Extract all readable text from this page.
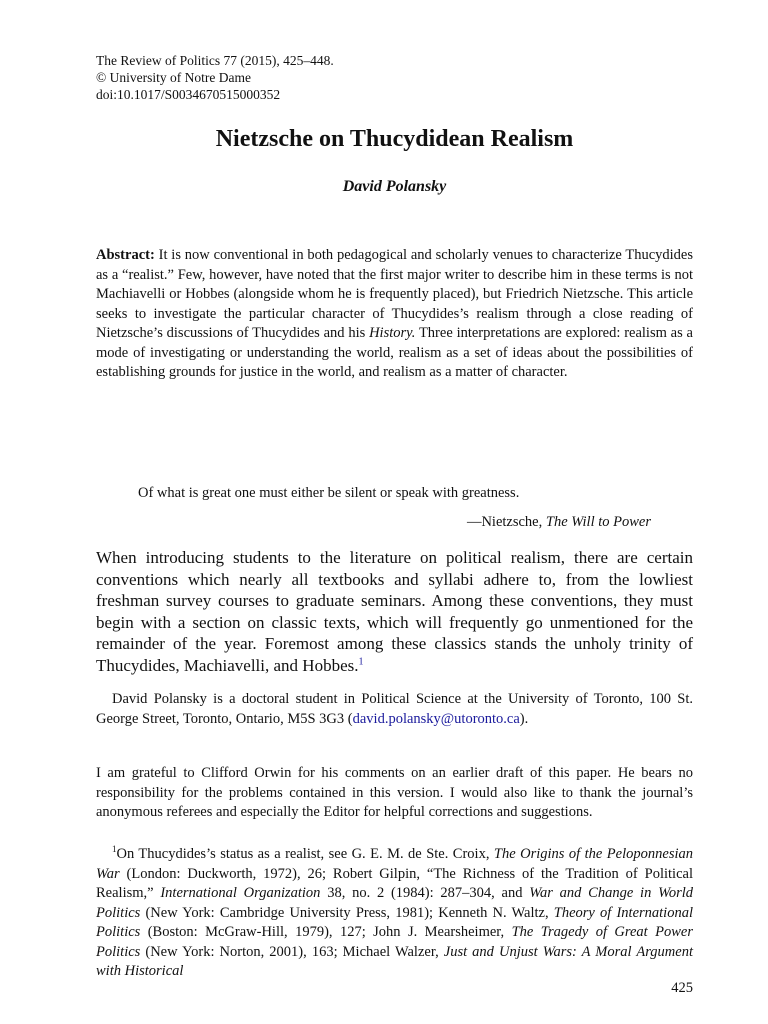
The Review of Politics 77 (2015), 425–448.
© University of Notre Dame
doi:10.1017/S0034670515000352
Nietzsche on Thucydidean Realism
David Polansky
Abstract: It is now conventional in both pedagogical and scholarly venues to characterize Thucydides as a “realist.” Few, however, have noted that the first major writer to describe him in these terms is not Machiavelli or Hobbes (alongside whom he is frequently placed), but Friedrich Nietzsche. This article seeks to investigate the particular character of Thucydides’s realism through a close reading of Nietzsche’s discussions of Thucydides and his History. Three interpretations are explored: realism as a mode of investigating or understanding the world, realism as a set of ideas about the possibilities of establishing grounds for justice in the world, and realism as a matter of character.
Of what is great one must either be silent or speak with greatness.
—Nietzsche, The Will to Power
When introducing students to the literature on political realism, there are certain conventions which nearly all textbooks and syllabi adhere to, from the lowliest freshman survey courses to graduate seminars. Among these conventions, they must begin with a section on classic texts, which will frequently go unmentioned for the remainder of the year. Foremost among these classics stands the unholy trinity of Thucydides, Machiavelli, and Hobbes.$^1$
David Polansky is a doctoral student in Political Science at the University of Toronto, 100 St. George Street, Toronto, Ontario, M5S 3G3 (david.polansky@utoronto.ca).
I am grateful to Clifford Orwin for his comments on an earlier draft of this paper. He bears no responsibility for the problems contained in this version. I would also like to thank the journal’s anonymous referees and especially the Editor for helpful corrections and suggestions.
$^1$On Thucydides’s status as a realist, see G. E. M. de Ste. Croix, The Origins of the Peloponnesian War (London: Duckworth, 1972), 26; Robert Gilpin, “The Richness of the Tradition of Political Realism,” International Organization 38, no. 2 (1984): 287–304, and War and Change in World Politics (New York: Cambridge University Press, 1981); Kenneth N. Waltz, Theory of International Politics (Boston: McGraw-Hill, 1979), 127; John J. Mearsheimer, The Tragedy of Great Power Politics (New York: Norton, 2001), 163; Michael Walzer, Just and Unjust Wars: A Moral Argument with Historical
425
